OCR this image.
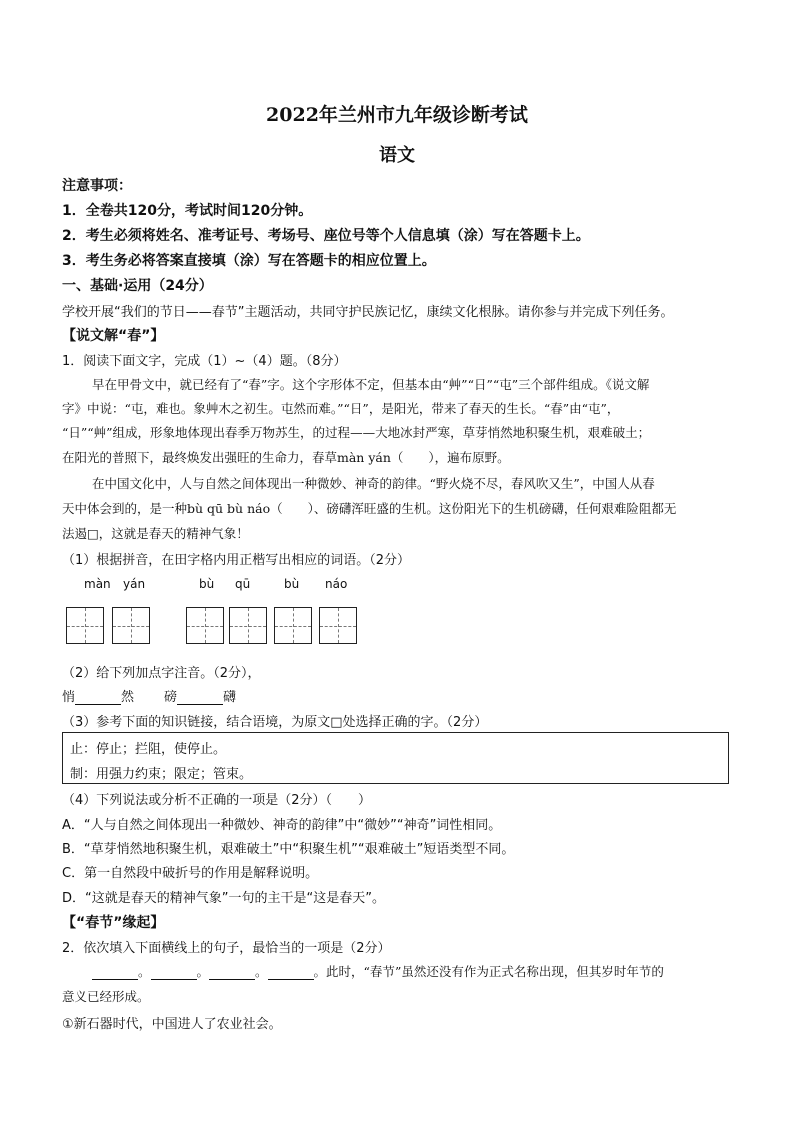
2022年兰州市九年级诊断考试
语文
注意事项：
1．全卷共120分，考试时间120分钟。
2．考生必须将姓名、准考证号、考场号、座位号等个人信息填（涂）写在答题卡上。
3．考生务必将答案直接填（涂）写在答题卡的相应位置上。
一、基础·运用（24分）
学校开展“我们的节日——春节”主题活动，共同守护民族记忆，康续文化根脉。请你参与并完成下列任务。
【说文解“春”】
1．阅读下面文字，完成（1）~（4）题。（8分）
早在甲骨文中，就已经有了“春”字。这个字形体不定，但基本由“艸”“日”“屯”三个部件组成。《说文解
字》中说：“屯，难也。象艸木之初生。屯然而难。”“日”，是阳光，带来了春天的生长。“春”由“屯”，
“日”“艸”组成，形象地体现出春季万物苏生，的过程——大地冰封严寒，草芽悄然地积聚生机，艰难破土；
在阳光的普照下，最终焕发出强旺的生命力，春草màn yán（　　），遍布原野。
在中国文化中，人与自然之间体现出一种微妙、神奇的韵律。“野火烧不尽，春风吹又生”，中国人从春
天中体会到的，是一种bù qū bù náo（　　）、磅礴浑旺盛的生机。这份阳光下的生机磅礴，任何艰难险阻都无
法遏□，这就是春天的精神气象！
（1）根据拼音，在田字格内用正楷写出相应的词语。（2分）
màn yán	bù qū	bù náo
（2）给下列加点字注音。（2分），
悄	然 磅	礴
（3）参考下面的知识链接，结合语境，为原文□处选择正确的字。（2分）
止：停止；拦阻，使停止。
制：用强力约束；限定；管束。
（4）下列说法或分析不正确的一项是（2分）（　　）
A．“人与自然之间体现出一种微妙、神奇的韵律”中“微妙”“神奇”词性相同。
B．“草芽悄然地积聚生机，艰难破土”中“积聚生机”“艰难破土”短语类型不同。
C．第一自然段中破折号的作用是解释说明。
D．“这就是春天的精神气象”一句的主干是“这是春天”。
【“春节”缘起】
2．依次填入下面横线上的句子，最恰当的一项是（2分）
。	。	。	。此时，“春节”虽然还没有作为正式名称出现，但其岁时年节的
意义已经形成。
①新石器时代，中国进人了农业社会。
